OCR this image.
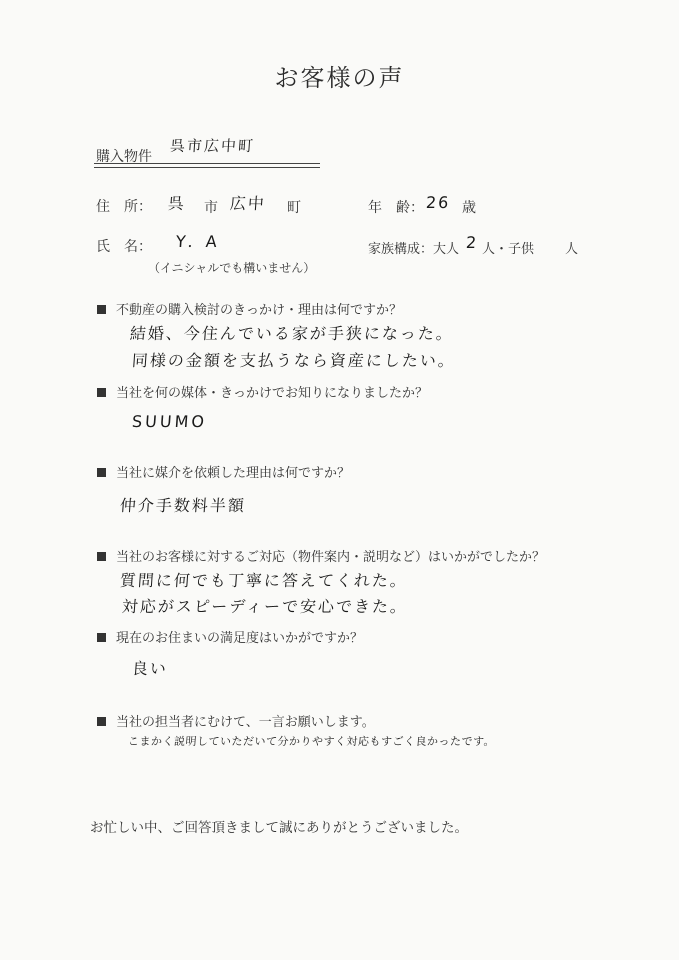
お客様の声
購入物件
呉市広中町
住　所： 呉 市 広中 町	年　齢： 26 歳
氏　名： Y．A
（イニシャルでも構いません）
家族構成：大人 2 人・子供 人
不動産の購入検討のきっかけ・理由は何ですか？
結婚、今住んでいる家が手狭になった。
同様の金額を支払うなら資産にしたい。
当社を何の媒体・きっかけでお知りになりましたか？
SUUMO
当社に媒介を依頼した理由は何ですか？
仲介手数料半額
当社のお客様に対するご対応（物件案内・説明など）はいかがでしたか？
質問に何でも丁寧に答えてくれた。
対応がスピーディーで安心できた。
現在のお住まいの満足度はいかがですか？
良い
当社の担当者にむけて、一言お願いします。
こまかく説明していただいて分かりやすく対応もすごく良かったです。
お忙しい中、ご回答頂きまして誠にありがとうございました。
